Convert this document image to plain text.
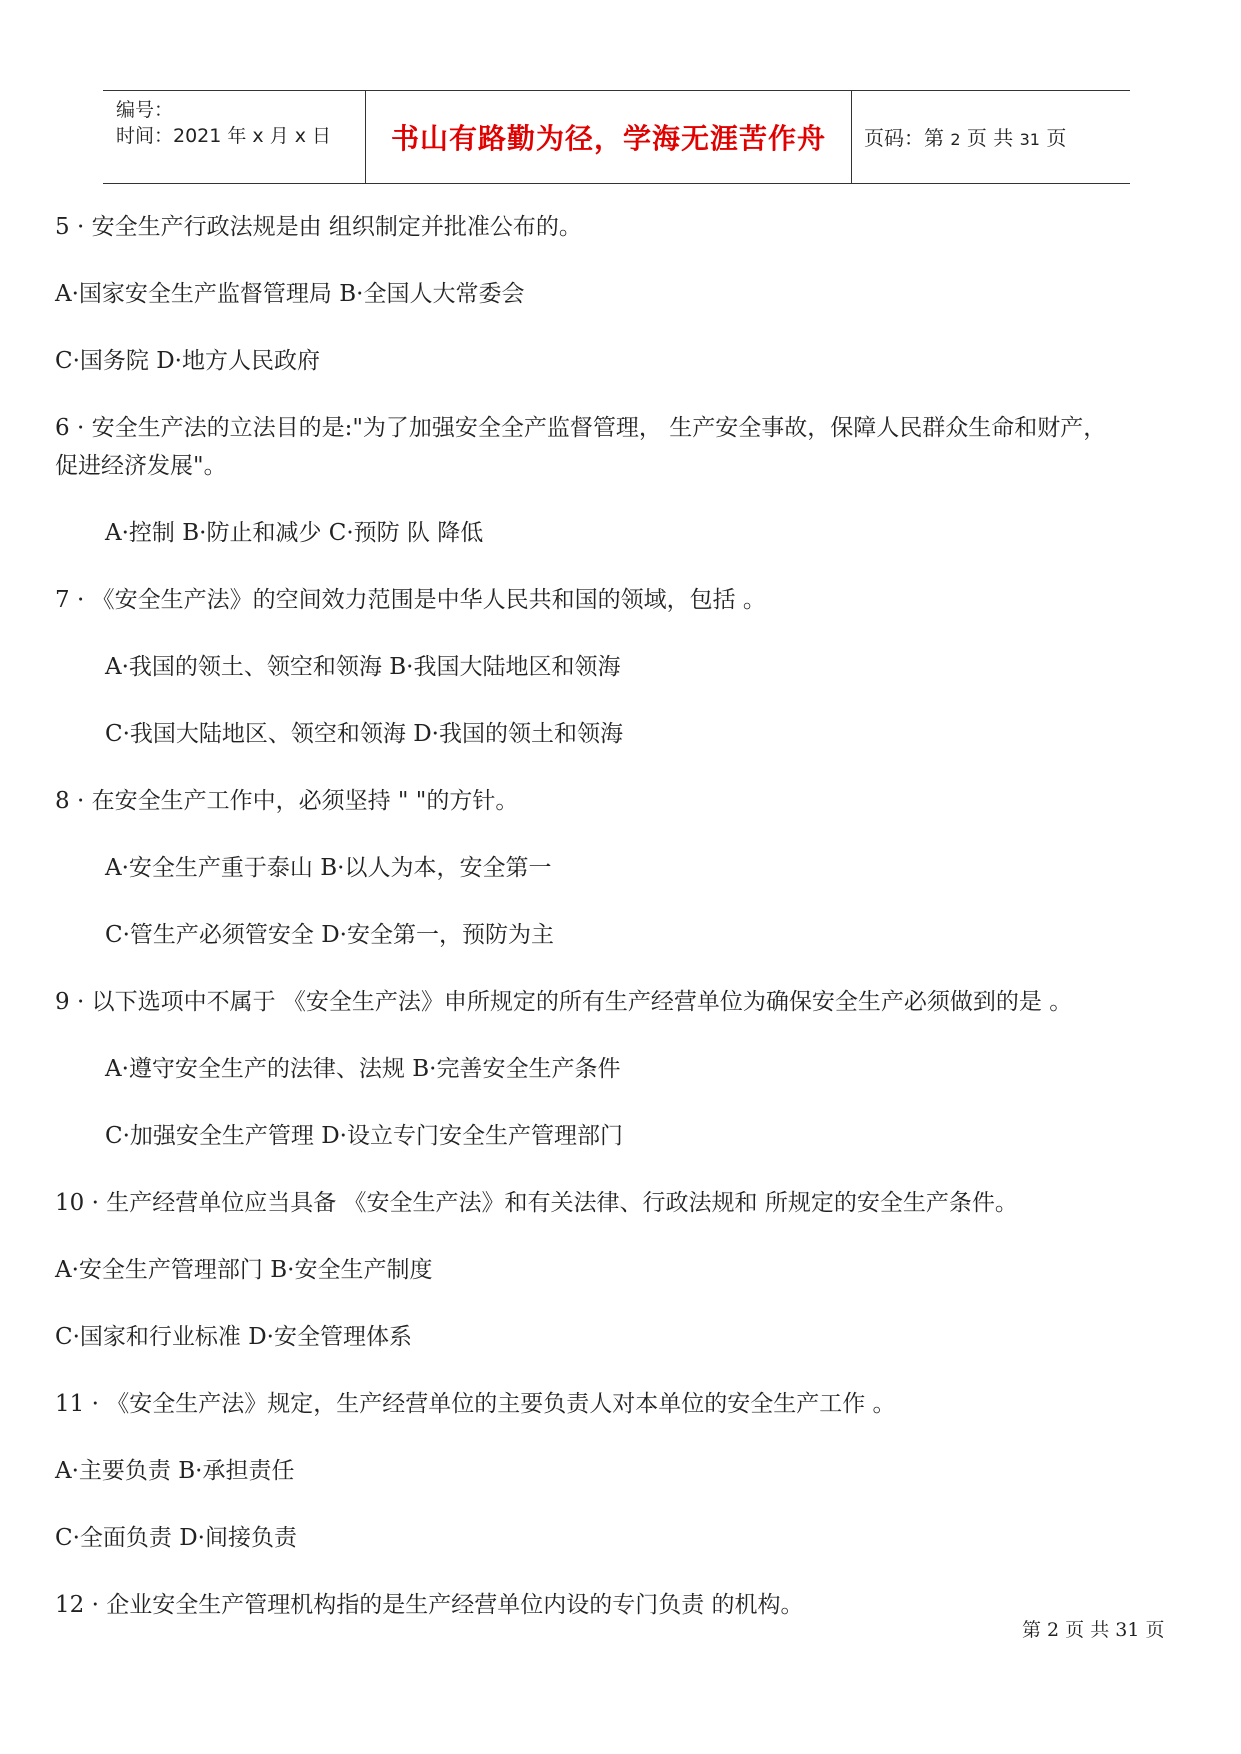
编号：
时间：2021 年 x 月 x 日	书山有路勤为径，学海无涯苦作舟	页码：第 2 页 共 31 页
5 · 安全生产行政法规是由 组织制定并批准公布的。
A·国家安全生产监督管理局 B·全国人大常委会
C·国务院 D·地方人民政府
6 · 安全生产法的立法目的是:"为了加强安全全产监督管理， 生产安全事故，保障人民群众生命和财产，
促进经济发展"。
A·控制 B·防止和减少 C·预防 队 降低
7 · 《安全生产法》的空间效力范围是中华人民共和国的领域，包括 。
A·我国的领土、领空和领海 B·我国大陆地区和领海
C·我国大陆地区、领空和领海 D·我国的领土和领海
8 · 在安全生产工作中，必须坚持 " "的方针。
A·安全生产重于泰山 B·以人为本，安全第一
C·管生产必须管安全 D·安全第一，预防为主
9 · 以下选项中不属于 《安全生产法》申所规定的所有生产经营单位为确保安全生产必须做到的是 。
A·遵守安全生产的法律、法规 B·完善安全生产条件
C·加强安全生产管理 D·设立专门安全生产管理部门
10 · 生产经营单位应当具备 《安全生产法》和有关法律、行政法规和 所规定的安全生产条件。
A·安全生产管理部门 B·安全生产制度
C·国家和行业标准 D·安全管理体系
11 · 《安全生产法》规定，生产经营单位的主要负责人对本单位的安全生产工作 。
A·主要负责 B·承担责任
C·全面负责 D·间接负责
12 · 企业安全生产管理机构指的是生产经营单位内设的专门负责 的机构。
第 2 页 共 31 页
